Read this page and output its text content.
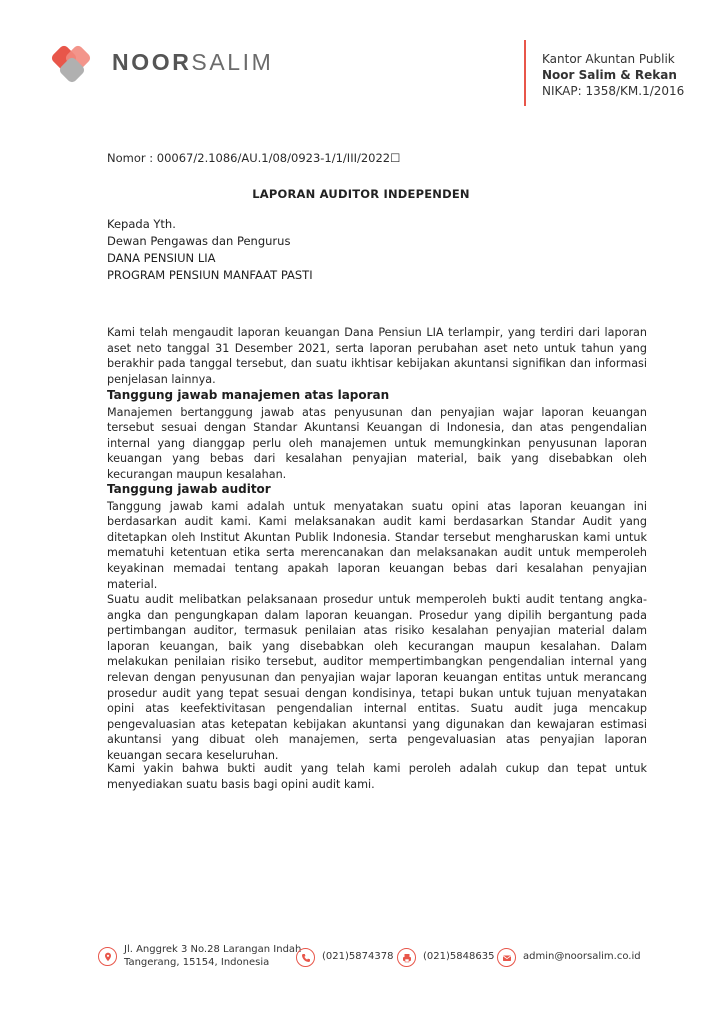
NOORSALIM	Kantor Akuntan Publik
Noor Salim & Rekan
NIKAP: 1358/KM.1/2016
Nomor : 00067/2.1086/AU.1/08/0923-1/1/III/2022☐
LAPORAN AUDITOR INDEPENDEN
Kepada Yth.
Dewan Pengawas dan Pengurus
DANA PENSIUN LIA
PROGRAM PENSIUN MANFAAT PASTI

Kami telah mengaudit laporan keuangan Dana Pensiun LIA terlampir, yang terdiri dari laporan aset neto tanggal 31 Desember 2021, serta laporan perubahan aset neto untuk tahun yang berakhir pada tanggal tersebut, dan suatu ikhtisar kebijakan akuntansi signifikan dan informasi penjelasan lainnya.

Tanggung jawab manajemen atas laporan

Manajemen bertanggung jawab atas penyusunan dan penyajian wajar laporan keuangan tersebut sesuai dengan Standar Akuntansi Keuangan di Indonesia, dan atas pengendalian internal yang dianggap perlu oleh manajemen untuk memungkinkan penyusunan laporan keuangan yang bebas dari kesalahan penyajian material, baik yang disebabkan oleh kecurangan maupun kesalahan.

Tanggung jawab auditor

Tanggung jawab kami adalah untuk menyatakan suatu opini atas laporan keuangan ini berdasarkan audit kami. Kami melaksanakan audit kami berdasarkan Standar Audit yang ditetapkan oleh Institut Akuntan Publik Indonesia. Standar tersebut mengharuskan kami untuk mematuhi ketentuan etika serta merencanakan dan melaksanakan audit untuk memperoleh keyakinan memadai tentang apakah laporan keuangan bebas dari kesalahan penyajian material.

Suatu audit melibatkan pelaksanaan prosedur untuk memperoleh bukti audit tentang angka-angka dan pengungkapan dalam laporan keuangan. Prosedur yang dipilih bergantung pada pertimbangan auditor, termasuk penilaian atas risiko kesalahan penyajian material dalam laporan keuangan, baik yang disebabkan oleh kecurangan maupun kesalahan. Dalam melakukan penilaian risiko tersebut, auditor mempertimbangkan pengendalian internal yang relevan dengan penyusunan dan penyajian wajar laporan keuangan entitas untuk merancang prosedur audit yang tepat sesuai dengan kondisinya, tetapi bukan untuk tujuan menyatakan opini atas keefektivitasan pengendalian internal entitas. Suatu audit juga mencakup pengevaluasian atas ketepatan kebijakan akuntansi yang digunakan dan kewajaran estimasi akuntansi yang dibuat oleh manajemen, serta pengevaluasian atas penyajian laporan keuangan secara keseluruhan.

Kami yakin bahwa bukti audit yang telah kami peroleh adalah cukup dan tepat untuk menyediakan suatu basis bagi opini audit kami.

Jl. Anggrek 3 No.28 Larangan Indah
Tangerang, 15154, Indonesia	(021)5874378	(021)5848635	admin@noorsalim.co.id
